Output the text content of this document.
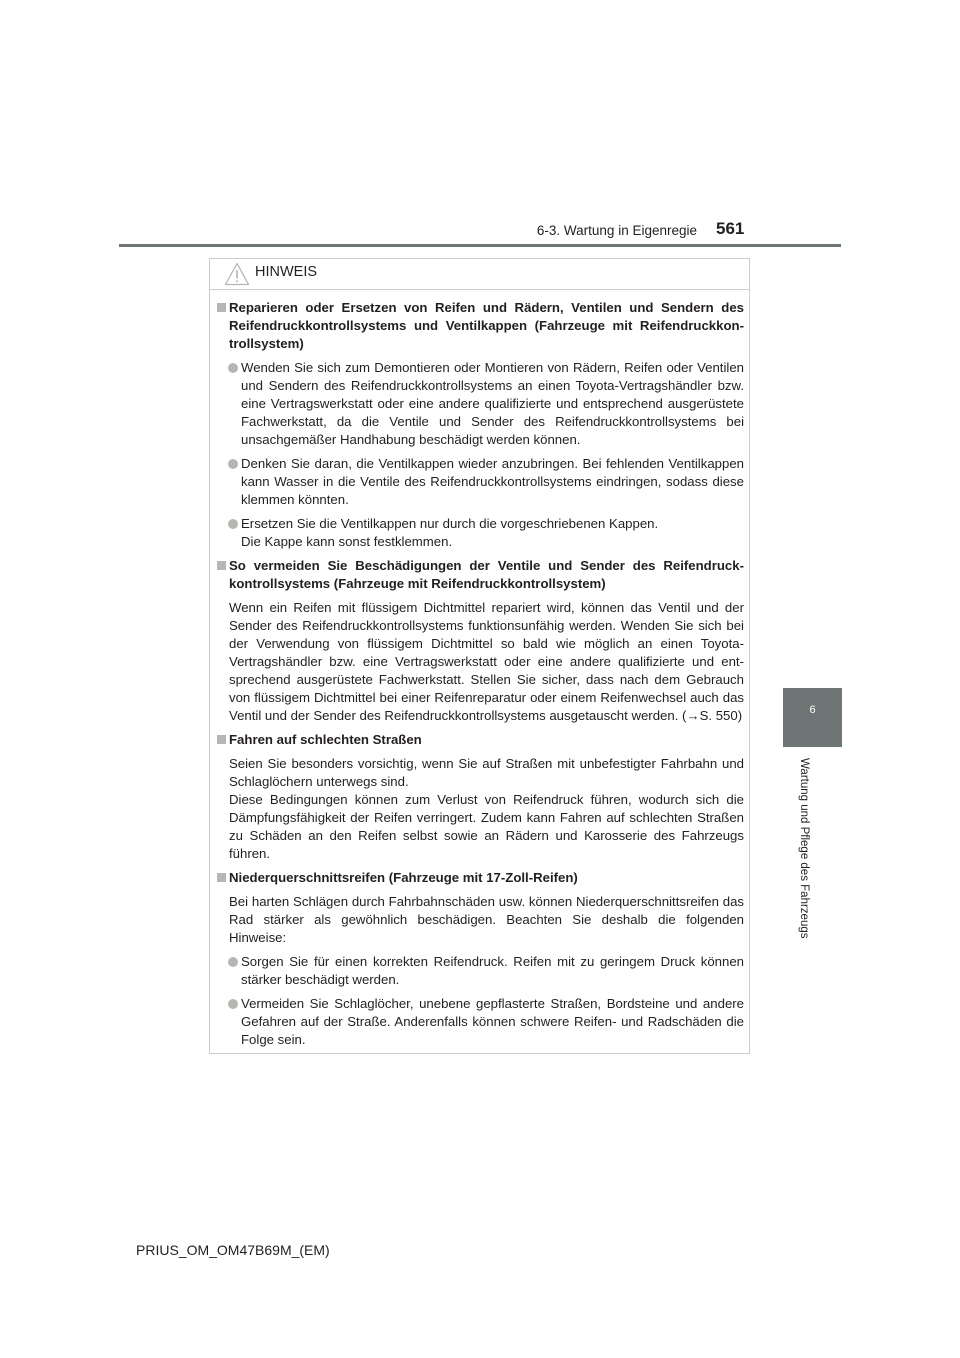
6-3. Wartung in Eigenregie 561
6
Wartung und Pflege des Fahrzeugs
HINWEIS
Reparieren oder Ersetzen von Reifen und Rädern, Ventilen und Sendern des Reifendruckkontrollsystems und Ventilkappen (Fahrzeuge mit Reifendruckkontrollsystem)
Wenden Sie sich zum Demontieren oder Montieren von Rädern, Reifen oder Ventilen und Sendern des Reifendruckkontrollsystems an einen Toyota-Vertragshändler bzw. eine Vertragswerkstatt oder eine andere qualifizierte und entsprechend ausgerüstete Fachwerkstatt, da die Ventile und Sender des Reifendruckkontrollsystems bei unsachgemäßer Handhabung beschädigt werden können.
Denken Sie daran, die Ventilkappen wieder anzubringen. Bei fehlenden Ventilkappen kann Wasser in die Ventile des Reifendruckkontrollsystems eindringen, sodass diese klemmen könnten.
Ersetzen Sie die Ventilkappen nur durch die vorgeschriebenen Kappen.
Die Kappe kann sonst festklemmen.
So vermeiden Sie Beschädigungen der Ventile und Sender des Reifendruckkontrollsystems (Fahrzeuge mit Reifendruckkontrollsystem)
Wenn ein Reifen mit flüssigem Dichtmittel repariert wird, können das Ventil und der Sender des Reifendruckkontrollsystems funktionsunfähig werden. Wenden Sie sich bei der Verwendung von flüssigem Dichtmittel so bald wie möglich an einen Toyota-Vertragshändler bzw. eine Vertragswerkstatt oder eine andere qualifizierte und entsprechend ausgerüstete Fachwerkstatt. Stellen Sie sicher, dass nach dem Gebrauch von flüssigem Dichtmittel bei einer Reifenreparatur oder einem Reifenwechsel auch das Ventil und der Sender des Reifendruckkontrollsystems ausgetauscht werden. (→S. 550)
Fahren auf schlechten Straßen
Seien Sie besonders vorsichtig, wenn Sie auf Straßen mit unbefestigter Fahrbahn und Schlaglöchern unterwegs sind.
Diese Bedingungen können zum Verlust von Reifendruck führen, wodurch sich die Dämpfungsfähigkeit der Reifen verringert. Zudem kann Fahren auf schlechten Straßen zu Schäden an den Reifen selbst sowie an Rädern und Karosserie des Fahrzeugs führen.
Niederquerschnittsreifen (Fahrzeuge mit 17-Zoll-Reifen)
Bei harten Schlägen durch Fahrbahnschäden usw. können Niederquerschnittsreifen das Rad stärker als gewöhnlich beschädigen. Beachten Sie deshalb die folgenden Hinweise:
Sorgen Sie für einen korrekten Reifendruck. Reifen mit zu geringem Druck können stärker beschädigt werden.
Vermeiden Sie Schlaglöcher, unebene gepflasterte Straßen, Bordsteine und andere Gefahren auf der Straße. Anderenfalls können schwere Reifen- und Radschäden die Folge sein.
PRIUS_OM_OM47B69M_(EM)
